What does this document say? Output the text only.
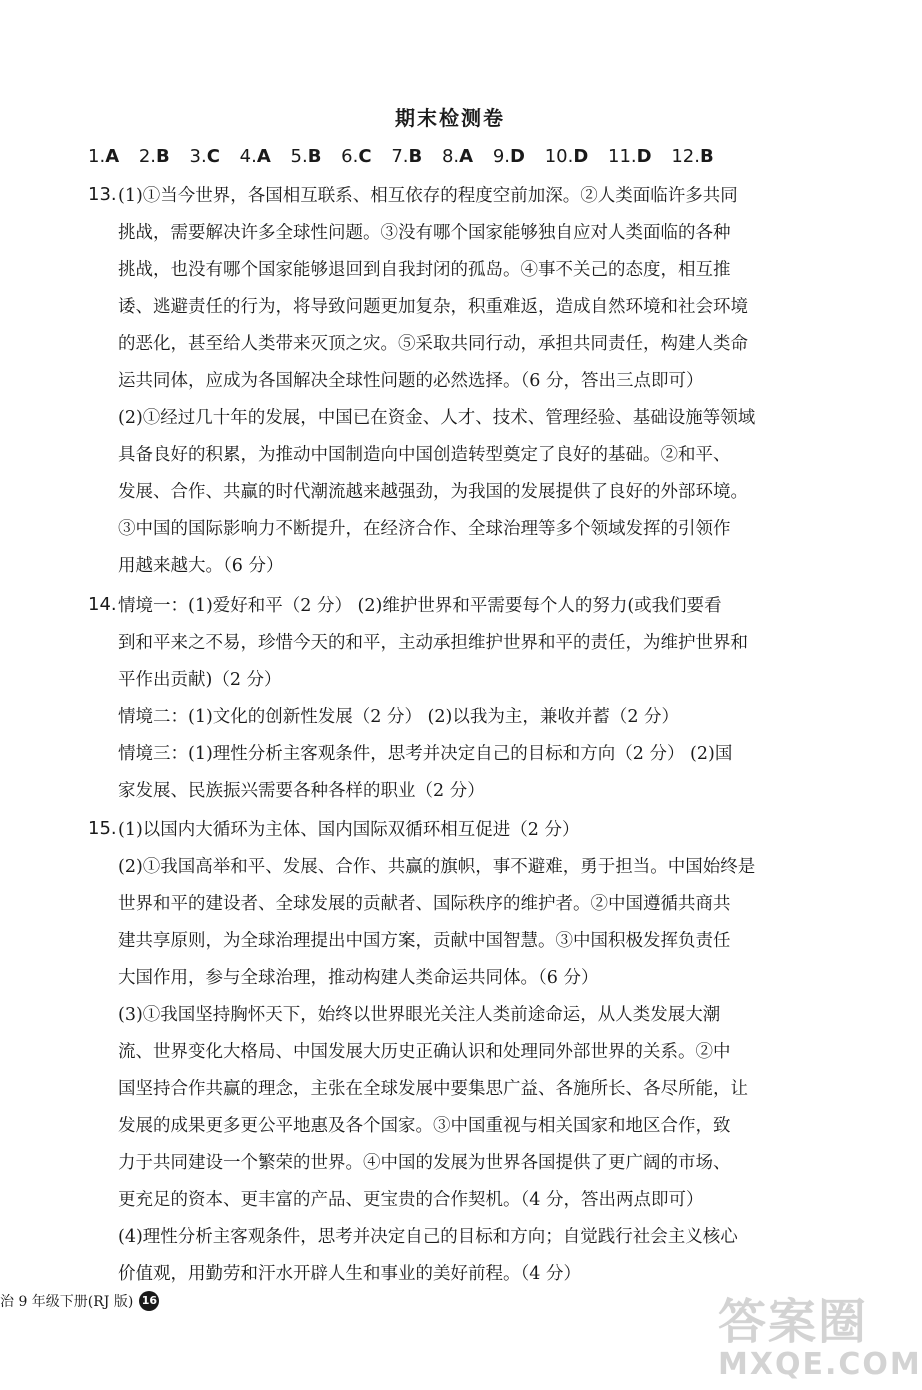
期末检测卷
1.A 2.B 3.C 4.A 5.B 6.C 7.B 8.A 9.D 10.D 11.D 12.B
13. (1)①当今世界，各国相互联系、相互依存的程度空前加深。②人类面临许多共同
挑战，需要解决许多全球性问题。③没有哪个国家能够独自应对人类面临的各种
挑战，也没有哪个国家能够退回到自我封闭的孤岛。④事不关己的态度，相互推
诿、逃避责任的行为，将导致问题更加复杂，积重难返，造成自然环境和社会环境
的恶化，甚至给人类带来灭顶之灾。⑤采取共同行动，承担共同责任，构建人类命
运共同体，应成为各国解决全球性问题的必然选择。（6 分，答出三点即可）
(2)①经过几十年的发展，中国已在资金、人才、技术、管理经验、基础设施等领域
具备良好的积累，为推动中国制造向中国创造转型奠定了良好的基础。②和平、
发展、合作、共赢的时代潮流越来越强劲，为我国的发展提供了良好的外部环境。
③中国的国际影响力不断提升，在经济合作、全球治理等多个领域发挥的引领作
用越来越大。（6 分）
14. 情境一：(1)爱好和平（2 分） (2)维护世界和平需要每个人的努力(或我们要看
到和平来之不易，珍惜今天的和平，主动承担维护世界和平的责任，为维护世界和
平作出贡献)（2 分）
情境二：(1)文化的创新性发展（2 分） (2)以我为主，兼收并蓄（2 分）
情境三：(1)理性分析主客观条件，思考并决定自己的目标和方向（2 分） (2)国
家发展、民族振兴需要各种各样的职业（2 分）
15. (1)以国内大循环为主体、国内国际双循环相互促进（2 分）
(2)①我国高举和平、发展、合作、共赢的旗帜，事不避难，勇于担当。中国始终是
世界和平的建设者、全球发展的贡献者、国际秩序的维护者。②中国遵循共商共
建共享原则，为全球治理提出中国方案，贡献中国智慧。③中国积极发挥负责任
大国作用，参与全球治理，推动构建人类命运共同体。（6 分）
(3)①我国坚持胸怀天下，始终以世界眼光关注人类前途命运，从人类发展大潮
流、世界变化大格局、中国发展大历史正确认识和处理同外部世界的关系。②中
国坚持合作共赢的理念，主张在全球发展中要集思广益、各施所长、各尽所能，让
发展的成果更多更公平地惠及各个国家。③中国重视与相关国家和地区合作，致
力于共同建设一个繁荣的世界。④中国的发展为世界各国提供了更广阔的市场、
更充足的资本、更丰富的产品、更宝贵的合作契机。（4 分，答出两点即可）
(4)理性分析主客观条件，思考并决定自己的目标和方向；自觉践行社会主义核心
价值观，用勤劳和汗水开辟人生和事业的美好前程。（4 分）
治 9 年级下册(RJ 版) 16	答案圈
MXQE.COM
